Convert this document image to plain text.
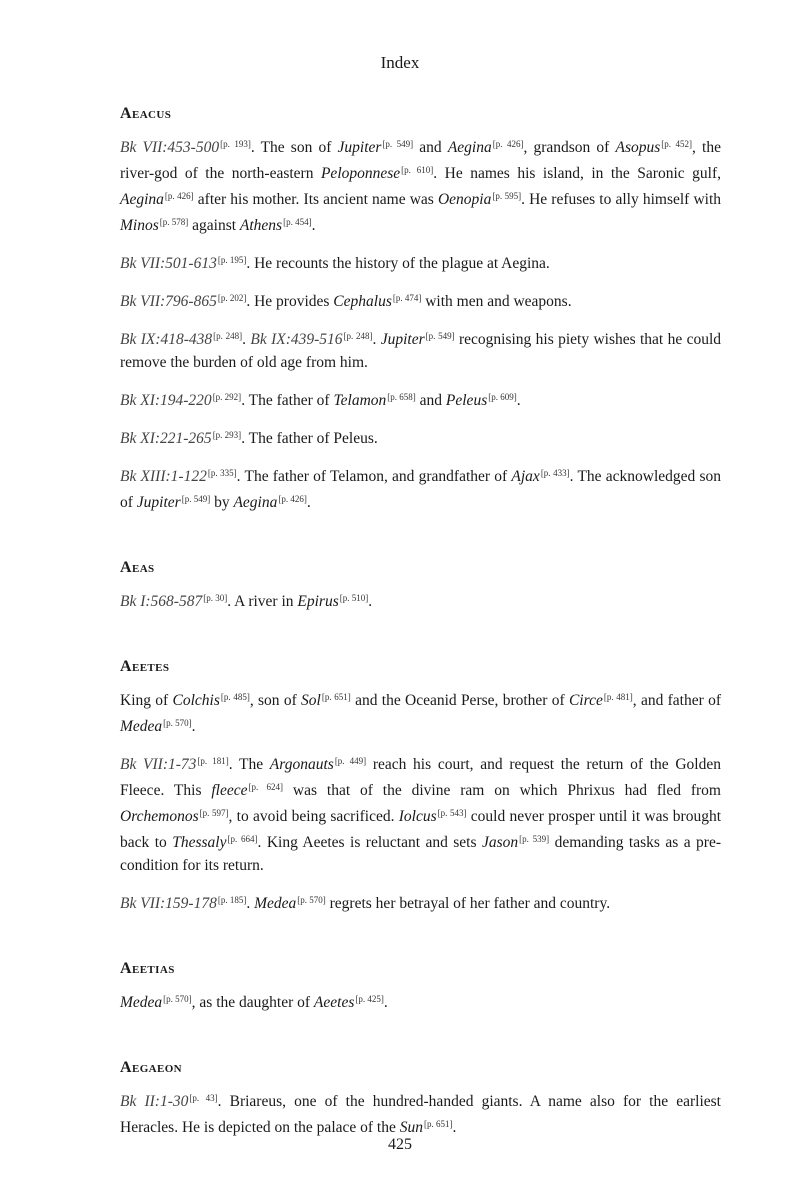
Index
Aeacus

Bk VII:453-500[p. 193]. The son of Jupiter[p. 549] and Aegina[p. 426], grandson of Asopus[p. 452], the river-god of the north-eastern Peloponnese[p. 610]. He names his island, in the Saronic gulf, Aegina[p. 426] after his mother. Its ancient name was Oenopia[p. 595]. He refuses to ally himself with Minos[p. 578] against Athens[p. 454].

Bk VII:501-613[p. 195]. He recounts the history of the plague at Aegina.

Bk VII:796-865[p. 202]. He provides Cephalus[p. 474] with men and weapons.

Bk IX:418-438[p. 248]. Bk IX:439-516[p. 248]. Jupiter[p. 549] recognising his piety wishes that he could remove the burden of old age from him.

Bk XI:194-220[p. 292]. The father of Telamon[p. 658] and Peleus[p. 609].

Bk XI:221-265[p. 293]. The father of Peleus.

Bk XIII:1-122[p. 335]. The father of Telamon, and grandfather of Ajax[p. 433]. The acknowledged son of Jupiter[p. 549] by Aegina[p. 426].

Aeas

Bk I:568-587[p. 30]. A river in Epirus[p. 510].

Aeetes

King of Colchis[p. 485], son of Sol[p. 651] and the Oceanid Perse, brother of Circe[p. 481], and father of Medea[p. 570].

Bk VII:1-73[p. 181]. The Argonauts[p. 449] reach his court, and request the return of the Golden Fleece. This fleece[p. 624] was that of the divine ram on which Phrixus had fled from Orchemonos[p. 597], to avoid being sacrificed. Iolcus[p. 543] could never prosper until it was brought back to Thessaly[p. 664]. King Aeetes is reluctant and sets Jason[p. 539] demanding tasks as a pre-condition for its return.

Bk VII:159-178[p. 185]. Medea[p. 570] regrets her betrayal of her father and country.

Aeetias

Medea[p. 570], as the daughter of Aeetes[p. 425].

Aegaeon

Bk II:1-30[p. 43]. Briareus, one of the hundred-handed giants. A name also for the earliest Heracles. He is depicted on the palace of the Sun[p. 651].

425
